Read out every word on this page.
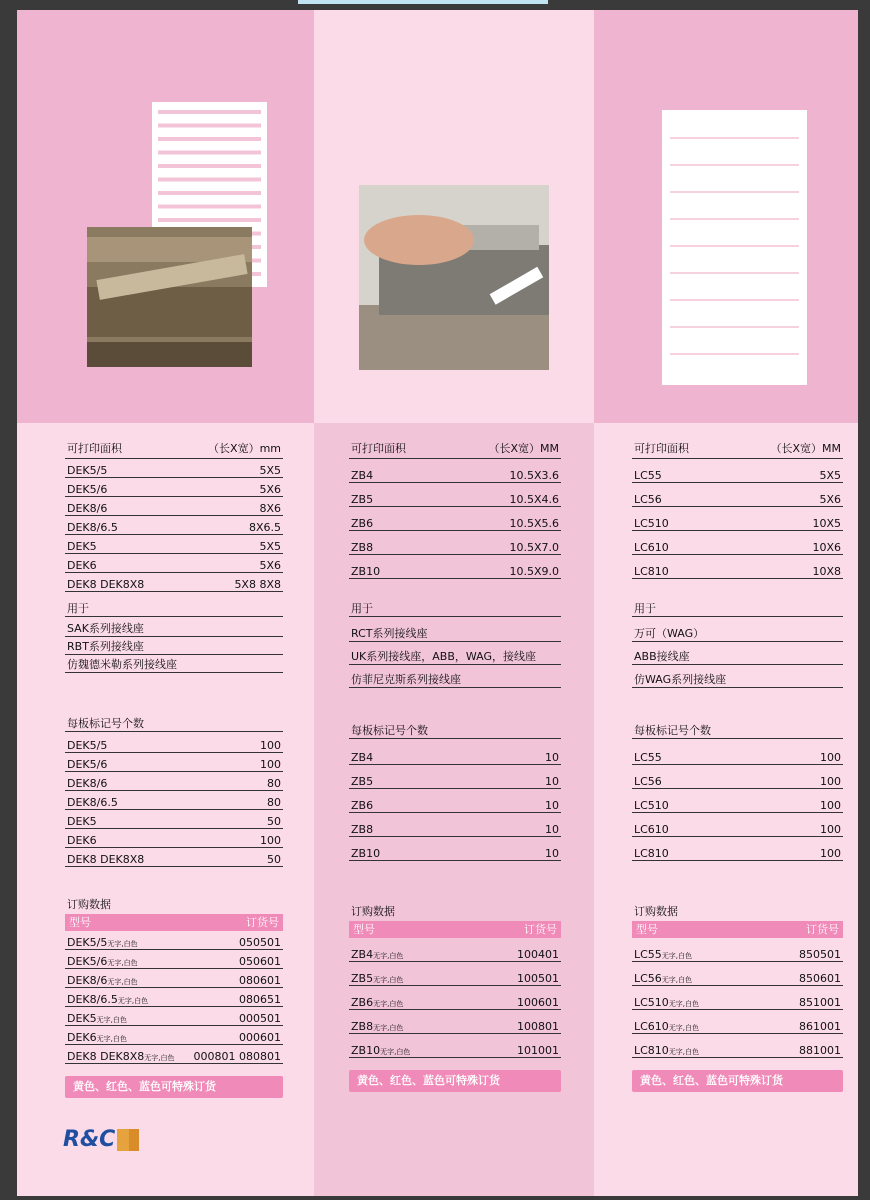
可打印面积	（长X宽）mm
DEK5/5	5X5
DEK5/6	5X6
DEK8/6	8X6
DEK8/6.5	8X6.5
DEK5	5X5
DEK6	5X6
DEK8 DEK8X8	5X8 8X8
用于
SAK系列接线座
RBT系列接线座
仿魏德米勒系列接线座
每板标记号个数
DEK5/5	100
DEK5/6	100
DEK8/6	80
DEK8/6.5	80
DEK5	50
DEK6	100
DEK8 DEK8X8	50
订购数据
型号	订货号
DEK5/5无字,白色	050501
DEK5/6无字,白色	050601
DEK8/6无字,白色	080601
DEK8/6.5无字,白色	080651
DEK5无字,白色	000501
DEK6无字,白色	000601
DEK8 DEK8X8无字,白色 000801 080801
黄色、红色、蓝色可特殊订货
可打印面积	（长X宽）MM
ZB4	10.5X3.6
ZB5	10.5X4.6
ZB6	10.5X5.6
ZB8	10.5X7.0
ZB10	10.5X9.0
用于
RCT系列接线座
UK系列接线座，ABB，WAG，接线座
仿菲尼克斯系列接线座
每板标记号个数
ZB4	10
ZB5	10
ZB6	10
ZB8	10
ZB10	10
订购数据
型号	订货号
ZB4无字,白色	100401
ZB5无字,白色	100501
ZB6无字,白色	100601
ZB8无字,白色	100801
ZB10无字,白色	101001
黄色、红色、蓝色可特殊订货
可打印面积	（长X宽）MM
LC55	5X5
LC56	5X6
LC510	10X5
LC610	10X6
LC810	10X8
用于
万可（WAG）
ABB接线座
仿WAG系列接线座
每板标记号个数
LC55	100
LC56	100
LC510	100
LC610	100
LC810	100
订购数据
型号	订货号
LC55无字,白色	850501
LC56无字,白色	850601
LC510无字,白色	851001
LC610无字,白色	861001
LC810无字,白色	881001
黄色、红色、蓝色可特殊订货
R&C
